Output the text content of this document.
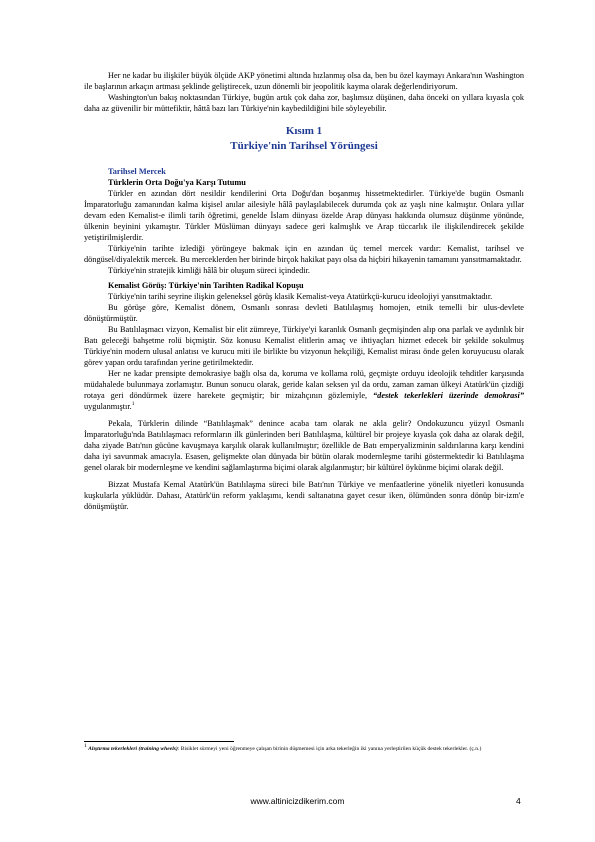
Her ne kadar bu ilişkiler büyük ölçüde AKP yönetimi altında hızlanmış olsa da, ben bu özel kaymayı Ankara'nın Washington ile başlarının arkaçın artması şeklinde geliştirecek, uzun dönemli bir jeopolitik kayma olarak değerlendiriyorum.

Washington'un bakış noktasından Türkiye, bugün artık çok daha zor, başlımsız düşünen, daha önceki on yıllara kıyasla çok daha az güvenilir bir müttefiktir, hâttâ bazı ları Türkiye'nin kaybedildiğini bile söyleyebilir.

Kısım 1
Türkiye'nin Tarihsel Yörüngesi
Tarihsel Mercek
Türklerin Orta Doğu'ya Karşı Tutumu

Türkler en azından dört nesildir kendilerini Orta Doğu'dan boşanmış hissetmektedirler. Türkiye'de bugün Osmanlı İmparatorluğu zamanından kalma kişisel anılar ailesiyle hâlâ paylaşılabilecek durumda çok az yaşlı nine kalmıştır. Onlara yıllar devam eden Kemalist-e ilimli tarih öğretimi, genelde İslam dünyası özelde Arap dünyası hakkında olumsuz düşünme yönünde, ülkenin beyinini yıkamıştır. Türkler Müslüman dünyayı sadece geri kalmışlık ve Arap tüccarlık ile ilişkilendirecek şekilde yetiştirilmişlerdir.

Türkiye'nin tarihte izlediği yörüngeye bakmak için en azından üç temel mercek vardır: Kemalist, tarihsel ve döngüsel/diyalektik mercek. Bu merceklerden her birinde birçok hakikat payı olsa da hiçbiri hikayenin tamamını yansıtmamaktadır.

Türkiye'nin stratejik kimliği hâlâ bir oluşum süreci içindedir.

Kemalist Görüş: Türkiye'nin Tarihten Radikal Kopuşu

Türkiye'nin tarihi seyrine ilişkin geleneksel görüş klasik Kemalist-veya Atatürkçü-kurucu ideolojiyi yansıtmaktadır.

Bu görüşe göre, Kemalist dönem, Osmanlı sonrası devleti Batılılaşmış homojen, etnik temelli bir ulus-devlete dönüştürmüştür.

Bu Batılılaşmacı vizyon, Kemalist bir elit zümreye, Türkiye'yi karanlık Osmanlı geçmişinden alıp ona parlak ve aydınlık bir Batı geleceği bahşetme rolü biçmiştir. Söz konusu Kemalist elitlerin amaç ve ihtiyaçları hizmet edecek bir şekilde sokulmuş Türkiye'nin modern ulusal anlatısı ve kurucu miti ile birlikte bu vizyonun hekçiliği, Kemalist mirası önde gelen koruyucusu olarak görev yapan ordu tarafından yerine getirilmektedir.

Her ne kadar prensipte demokrasiye bağlı olsa da, koruma ve kollama rolü, geçmişte orduyu ideolojik tehditler karşısında müdahalede bulunmaya zorlamıştır. Bunun sonucu olarak, geride kalan seksen yıl da ordu, zaman zaman ülkeyi Atatürk'ün çizdiği rotaya geri döndürmek üzere harekete geçmiştir; bir mizahçının gözlemiyle, “destek tekerlekleri üzerinde demokrasi” uygulanmıştır.$^1$

Pekala, Türklerin dilinde “Batılılaşmak” denince acaba tam olarak ne akla gelir? Ondokuzuncu yüzyıl Osmanlı İmparatorluğu'nda Batılılaşmacı reformların ilk günlerinden beri Batılılaşma, kültürel bir projeye kıyasla çok daha az olarak değil, daha ziyade Batı'nın gücüne kavuşmaya karşılık olarak kullanılmıştır; özellikle de Batı emperyalizminin saldırılarına karşı kendini daha iyi savunmak amacıyla. Esasen, gelişmekte olan dünyada bir bütün olarak modernleşme tarihi göstermektedir ki Batılılaşma genel olarak bir modernleşme ve kendini sağlamlaştırma biçimi olarak algılanmıştır; bir kültürel öykünme biçimi olarak değil.

Bizzat Mustafa Kemal Atatürk'ün Batılılaşma süreci bile Batı'nın Türkiye ve menfaatlerine yönelik niyetleri konusunda kuşkularla yüklüdür. Dahası, Atatürk'ün reform yaklaşımı, kendi saltanatına gayet cesur iken, ölümünden sonra dönüp bir-izm'e dönüşmüştür.

$^1$ Alıştırma tekerlekleri (training wheels): Bisiklet sürmeyi yeni öğrenmeye çalışan birinin düşmemesi için arka tekerleğin iki yanına yerleştirilen küçük destek tekerlekler. (ç.n.)
www.altinicizdikerim.com	4
